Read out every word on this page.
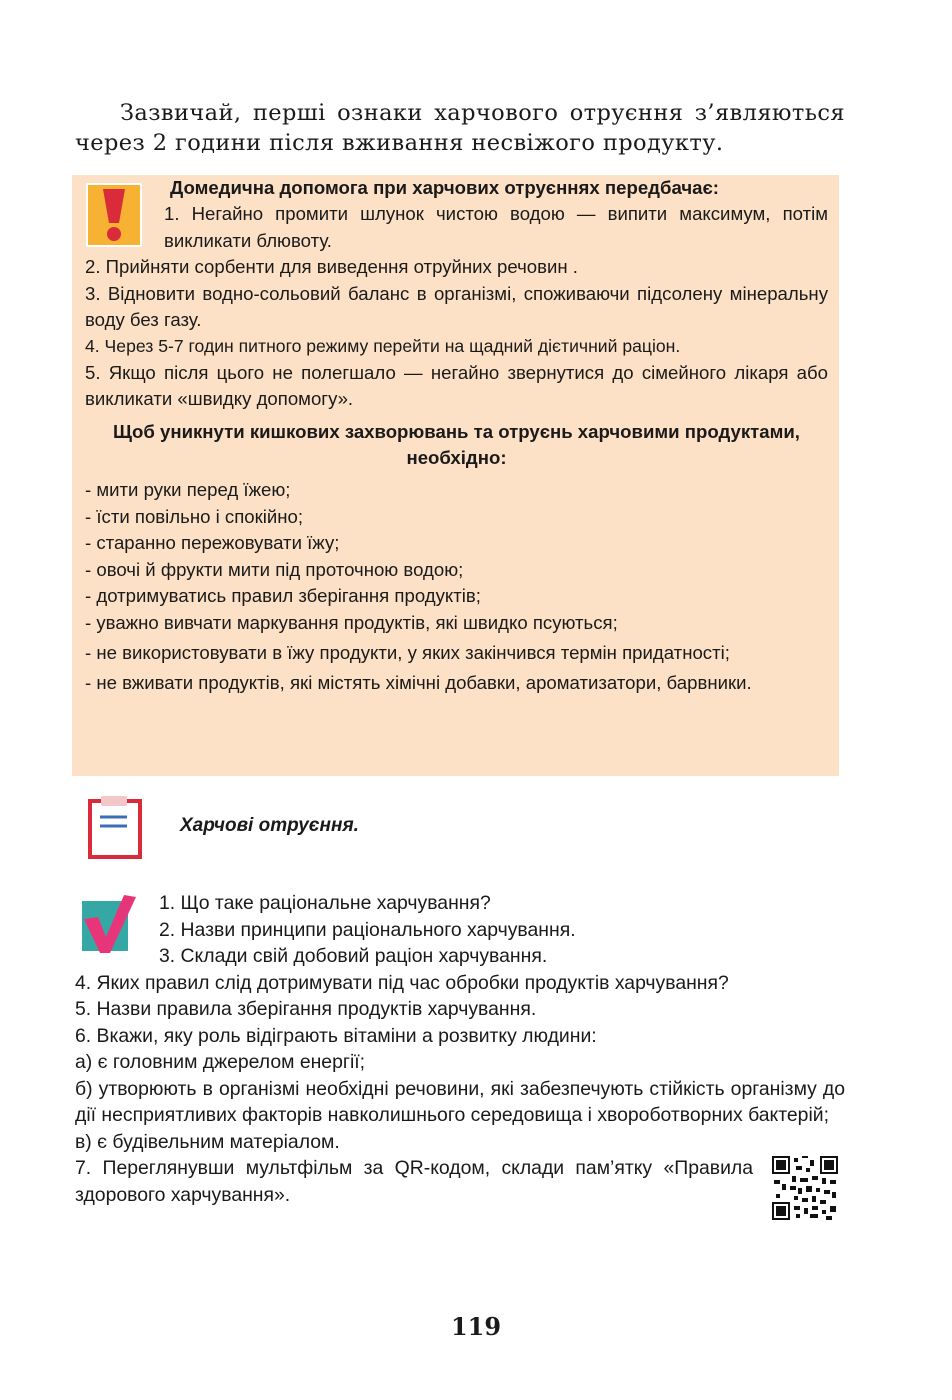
Зазвичай, перші ознаки харчового отруєння з’являються через 2 години після вживання несвіжого продукту.

Домедична допомога при харчових отруєннях передбачає:

1. Негайно промити шлунок чистою водою — випити максимум, потім викликати блювоту.

2. Прийняти сорбенти для виведення отруйних речовин .

3. Відновити водно-сольовий баланс в організмі, споживаючи підсолену мінеральну воду без газу.

4. Через 5-7 годин питного режиму перейти на щадний дієтичний раціон.

5. Якщо після цього не полегшало — негайно звернутися до сімейного лікаря або викликати «швидку допомогу».

Щоб уникнути кишкових захворювань та отруєнь харчовими продуктами, необхідно:

- мити руки перед їжею;
- їсти повільно і спокійно;
- старанно пережовувати їжу;
- овочі й фрукти мити під проточною водою;
- дотримуватись правил зберігання продуктів;
- уважно вивчати маркування продуктів, які швидко псуються;
- не використовувати в їжу продукти, у яких закінчився термін придатності;
- не вживати продуктів, які містять хімічні добавки, ароматизатори, барвники.
Харчові отруєння.

1. Що таке раціональне харчування?

2. Назви принципи раціонального харчування.

3. Склади свій добовий раціон харчування.

4. Яких правил слід дотримувати під час обробки продуктів харчування?

5. Назви правила зберігання продуктів харчування.

6. Вкажи, яку роль відіграють вітаміни а розвитку людини:

а) є головним джерелом енергії;

б) утворюють в організмі необхідні речовини, які забезпечують стійкість організму до дії несприятливих факторів навколишнього середовища і хвороботворних бактерій;

в) є будівельним матеріалом.

7. Переглянувши мультфільм за QR-кодом, склади пам’ятку «Правила здорового харчування».

119
